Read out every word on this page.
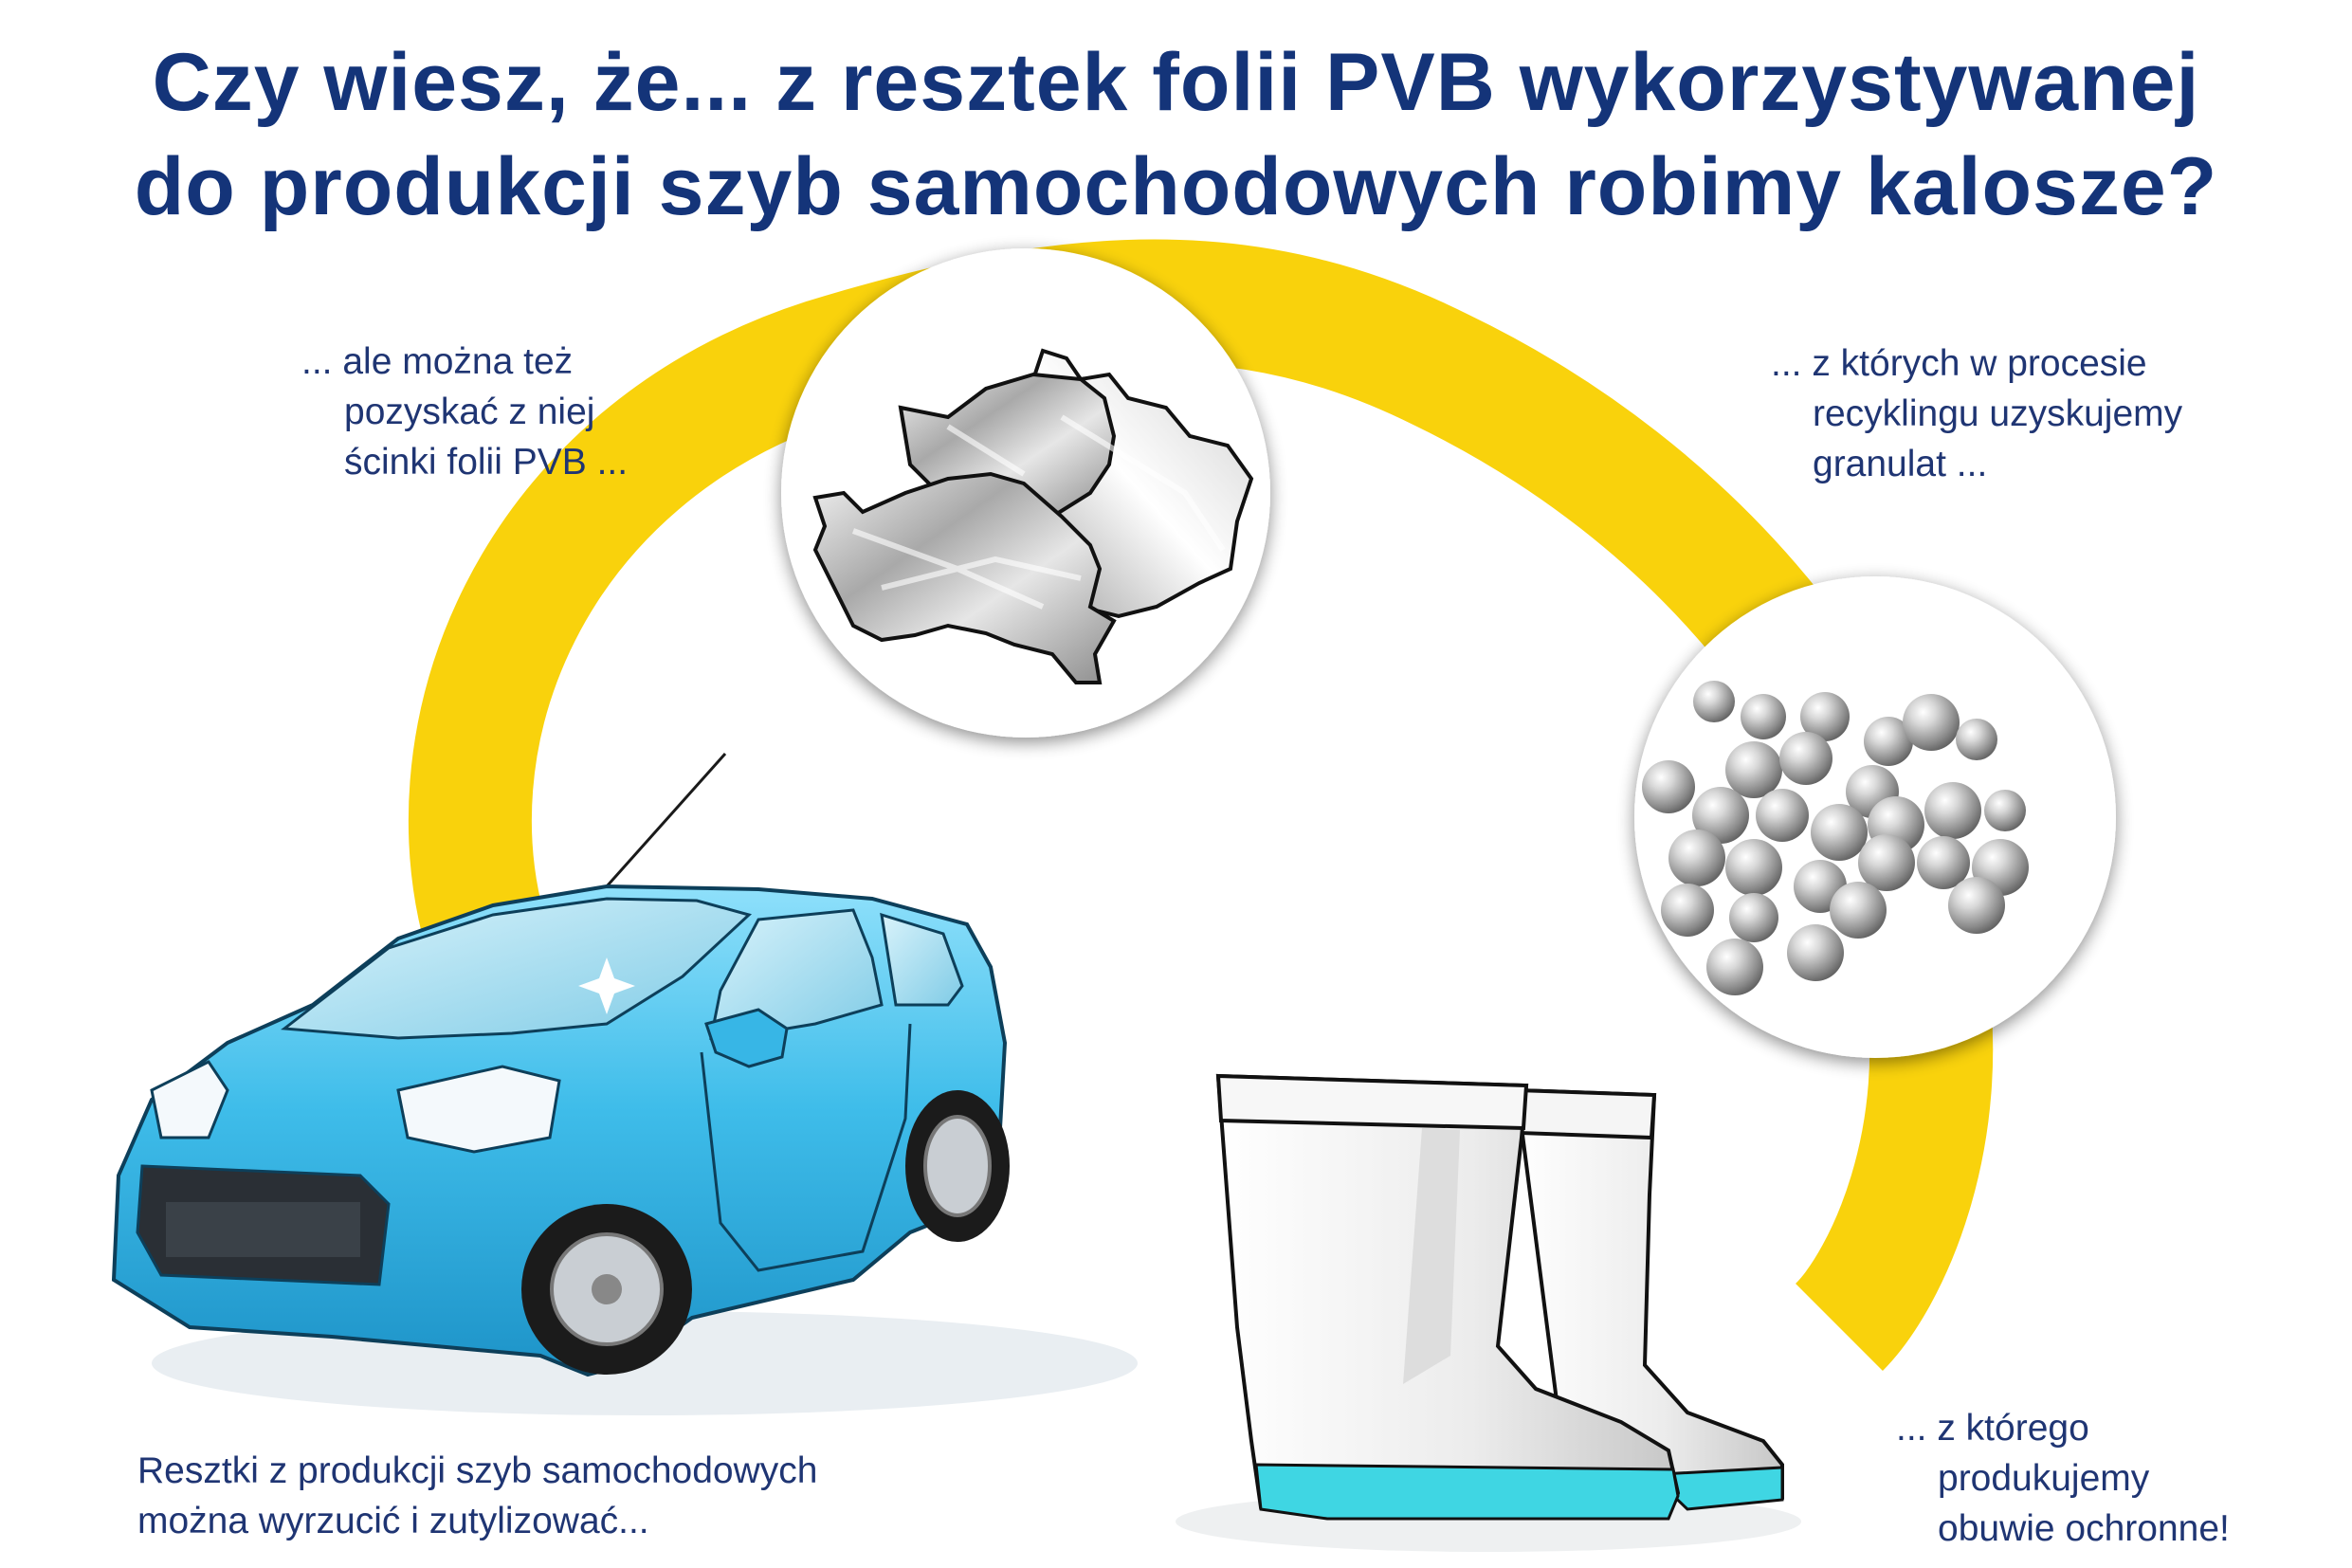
Czy wiesz, że... z resztek folii PVB wykorzystywanej
do produkcji szyb samochodowych robimy kalosze?
Resztki z produkcji szyb samochodowych
można wyrzucić i zutylizować...
... ale można też
pozyskać z niej
ścinki folii PVB ...
... z których w procesie
recyklingu uzyskujemy
granulat ...
... z którego
produkujemy
obuwie ochronne!
